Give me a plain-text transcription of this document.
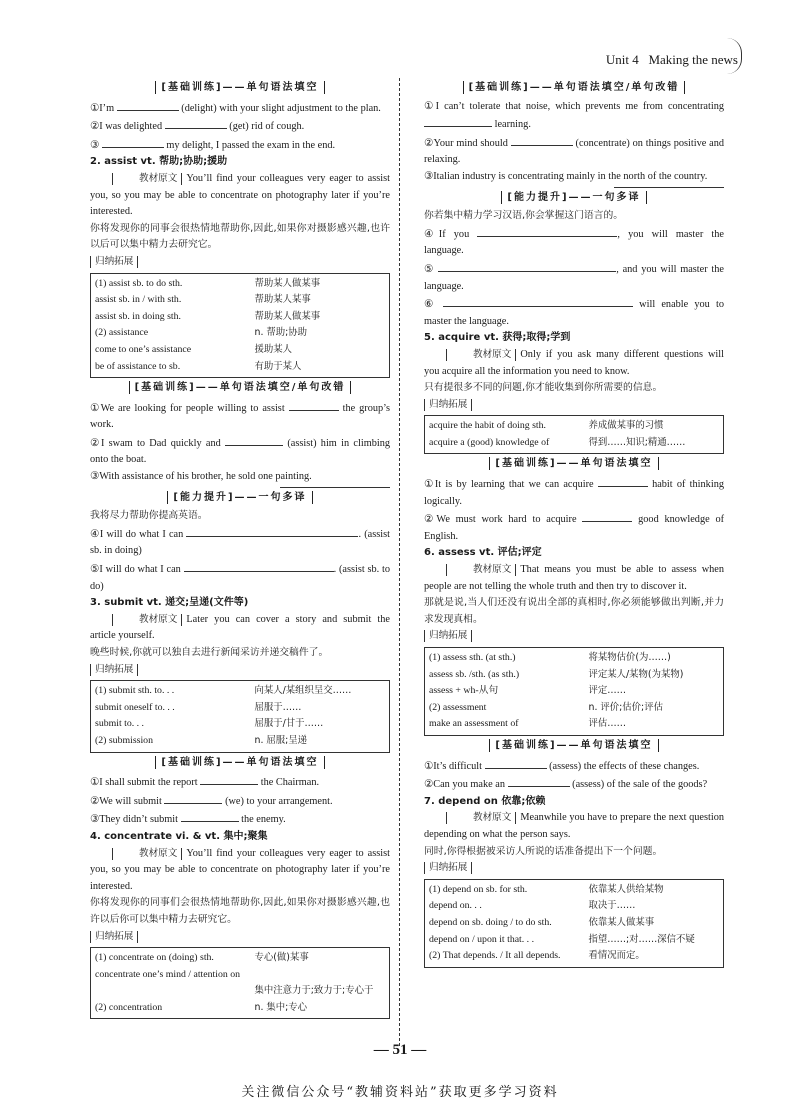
Unit 4 Making the news
[基础训练]——单句语法填空

①I’m	(delight) with your slight adjustment to the plan.

②I was delighted	(get) rid of cough.

③	my delight, I passed the exam in the end.

2. assist vt. 帮助;协助;援助

教材原文 You’ll find your colleagues very eager to assist you, so you may be able to concentrate on photography later if you’re interested.

你将发现你的同事会很热情地帮助你,因此,如果你对摄影感兴趣,也许以后可以集中精力去研究它。

归纳拓展

(1) assist sb. to do sth.	帮助某人做某事
assist sb. in / with sth.	帮助某人某事
assist sb. in doing sth.	帮助某人做某事
(2) assistance	n. 帮助;协助
come to one’s assistance	援助某人
be of assistance to sb.	有助于某人
[基础训练]——单句语法填空/单句改错

①We are looking for people willing to assist	the group’s work.

②I swam to Dad quickly and	(assist) him in climbing onto the boat.

③With assistance of his brother, he sold one painting.

[能力提升]——一句多译

我将尽力帮助你提高英语。

④I will do what I can	. (assist sb. in doing)

⑤I will do what I can	. (assist sb. to do)

3. submit vt. 递交;呈递(文件等)

教材原文 Later you can cover a story and submit the article yourself.

晚些时候,你就可以独自去进行新闻采访并递交稿件了。

归纳拓展

(1) submit sth. to. . .	向某人/某组织呈交……
submit oneself to. . .	屈服于……
submit to. . .	屈服于/甘于……
(2) submission	n. 屈服;呈递
[基础训练]——单句语法填空

①I shall submit the report	the Chairman.

②We will submit	(we) to your arrangement.

③They didn’t submit	the enemy.

4. concentrate vi. & vt. 集中;聚集

教材原文 You’ll find your colleagues very eager to assist you, so you may be able to concentrate on photography later if you’re interested.

你将发现你的同事们会很热情地帮助你,因此,如果你对摄影感兴趣,也许以后你可以集中精力去研究它。

归纳拓展

(1) concentrate on (doing) sth.	专心(做)某事
concentrate one’s mind / attention on
集中注意力于;致力于;专心于
(2) concentration	n. 集中;专心
[基础训练]——单句语法填空/单句改错

①I can’t tolerate that noise, which prevents me from concentrating  learning.

②Your mind should	(concentrate) on things positive and relaxing.

③Italian industry is concentrating mainly in the north of the country.

[能力提升]——一句多译

你若集中精力学习汉语,你会掌握这门语言的。

④If you	, you will master the language.

⑤	, and you will master the language.

⑥	will enable you to master the language.

5. acquire vt. 获得;取得;学到

教材原文 Only if you ask many different questions will you acquire all the information you need to know.

只有提很多不同的问题,你才能收集到你所需要的信息。

归纳拓展

acquire the habit of doing sth.	养成做某事的习惯
acquire a (good) knowledge of	得到……知识;精通……
[基础训练]——单句语法填空

①It is by learning that we can acquire	habit of thinking logically.

②We must work hard to acquire	good knowledge of English.

6. assess vt. 评估;评定

教材原文 That means you must be able to assess when people are not telling the whole truth and then try to discover it.

那就是说,当人们还没有说出全部的真相时,你必须能够做出判断,并力求发现真相。

归纳拓展

(1) assess sth. (at sth.)	将某物估价(为……)
assess sb. /sth. (as sth.)	评定某人/某物(为某物)
assess + wh-从句	评定……
(2) assessment	n. 评价;估价;评估
make an assessment of	评估……
[基础训练]——单句语法填空

①It’s difficult	(assess) the effects of these changes.

②Can you make an	(assess) of the sale of the goods?

7. depend on 依靠;依赖

教材原文 Meanwhile you have to prepare the next question depending on what the person says.

同时,你得根据被采访人所说的话准备提出下一个问题。

归纳拓展

(1) depend on sb. for sth.	依靠某人供给某物
depend on. . .	取决于……
depend on sb. doing / to do sth.	依靠某人做某事
depend on / upon it that. . .	指望……;对……深信不疑
(2) That depends. / It all depends.	看情况而定。
— 51 —
关注微信公众号“教辅资料站”获取更多学习资料
